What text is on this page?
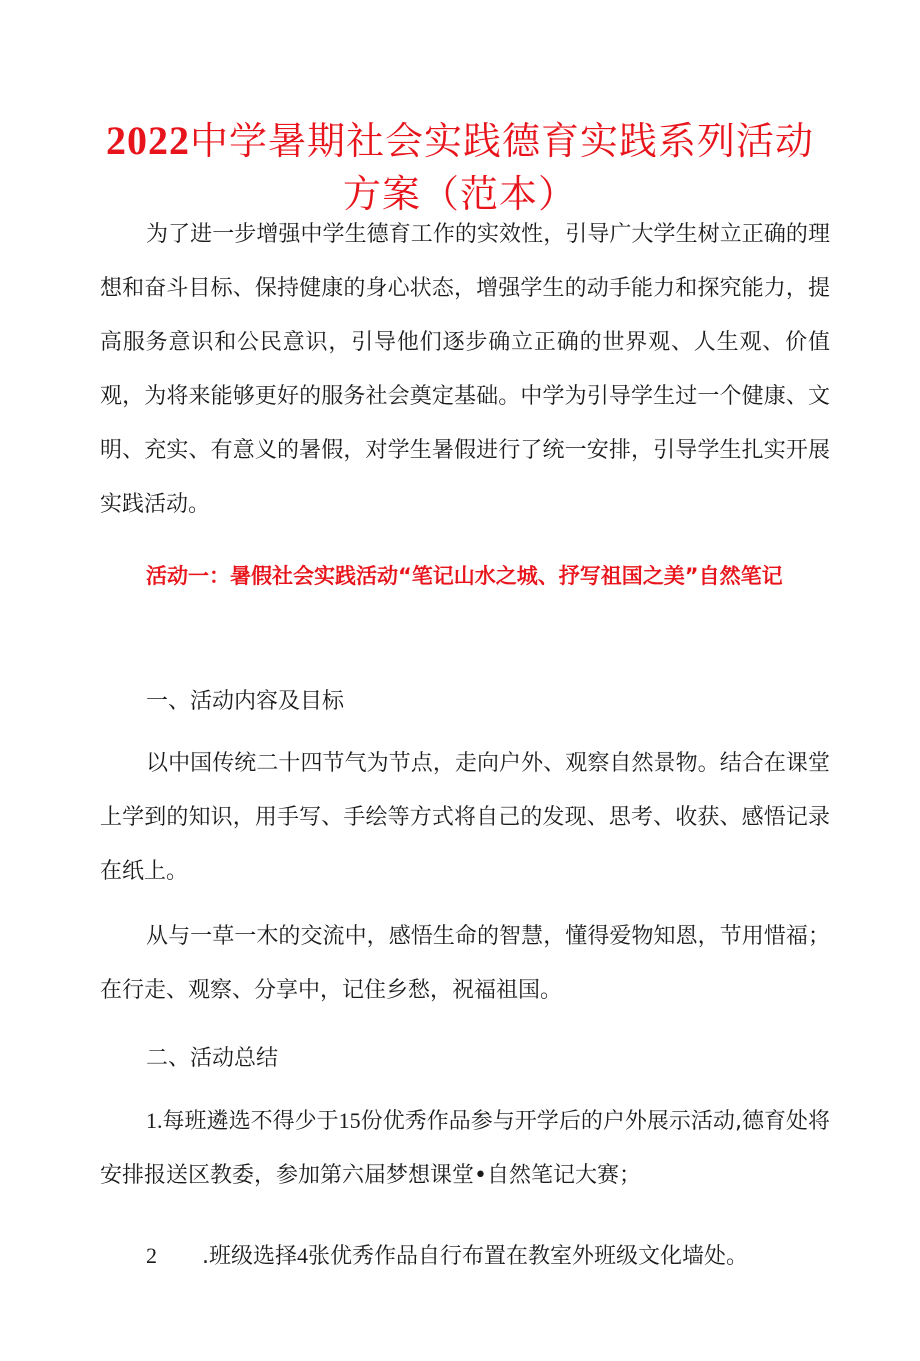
2022中学暑期社会实践德育实践系列活动
方案（范本）

为了进一步增强中学生德育工作的实效性，引导广大学生树立正确的理想和奋斗目标、保持健康的身心状态，增强学生的动手能力和探究能力，提高服务意识和公民意识，引导他们逐步确立正确的世界观、人生观、价值观，为将来能够更好的服务社会奠定基础。中学为引导学生过一个健康、文明、充实、有意义的暑假，对学生暑假进行了统一安排，引导学生扎实开展实践活动。

活动一：暑假社会实践活动“笔记山水之城、抒写祖国之美”自然笔记

一、活动内容及目标

以中国传统二十四节气为节点，走向户外、观察自然景物。结合在课堂上学到的知识，用手写、手绘等方式将自己的发现、思考、收获、感悟记录在纸上。

从与一草一木的交流中，感悟生命的智慧，懂得爱物知恩，节用惜福；在行走、观察、分享中，记住乡愁，祝福祖国。

二、活动总结

1.每班遴选不得少于15份优秀作品参与开学后的户外展示活动,德育处将安排报送区教委，参加第六届梦想课堂•自然笔记大赛；

2 .班级选择4张优秀作品自行布置在教室外班级文化墙处。
